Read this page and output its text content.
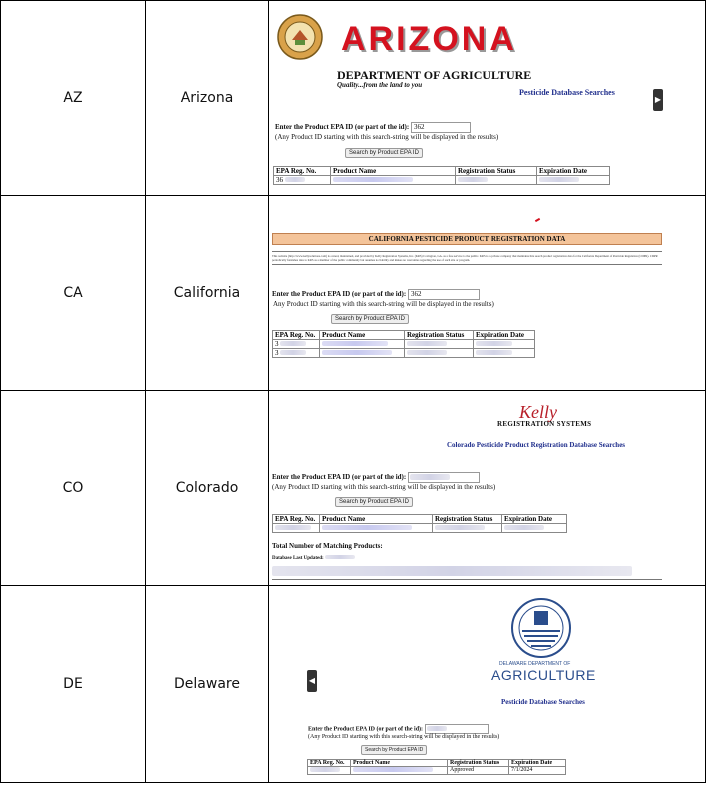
AZ	Arizona	
ARIZONA
DEPARTMENT OF AGRICULTURE
Quality...from the land to you
Pesticide Database Searches
▶
Enter the Product EPA ID (or part of the id): 362
(Any Product ID starting with this search-string will be displayed in the results)
Search by Product EPA ID
EPA Reg. No.	Product Name	Registration Status	Expiration Date
36			

CA	California	
CALIFORNIA PESTICIDE PRODUCT REGISTRATION DATA
This website (http://www.kellysolutions.com) is owned, maintained, and provided by Kelly Registration Systems, Inc. (KRS) Covington, GA. as a free service to the public. KRS is a private company that maintains this search product registration data for the California Department of Pesticide Regulation (CDPR). CDPR periodically furnishes data to KRS as a member of the public community but assumes no liability and makes no warranties regarding the use of such site or program.
Enter the Product EPA ID (or part of the id): 362
Any Product ID starting with this search-string will be displayed in the results)
Search by Product EPA ID
EPA Reg. No.	Product Name	Registration Status	Expiration Date
3			
3			

CO	Colorado	
Kelly
REGISTRATION SYSTEMS
Colorado Pesticide Product Registration Database Searches
Enter the Product EPA ID (or part of the id):
(Any Product ID starting with this search-string will be displayed in the results)
Search by Product EPA ID
EPA Reg. No.	Product Name	Registration Status	Expiration Date

Total Number of Matching Products:
Database Last Updated:

DE	Delaware	
DELAWARE DEPARTMENT OF
AGRICULTURE
Pesticide Database Searches
◀
Enter the Product EPA ID (or part of the id):
(Any Product ID starting with this search-string will be displayed in the results)
Search by Product EPA ID
EPA Reg. No.	Product Name	Registration Status	Expiration Date
		Approved	7/1/2024
